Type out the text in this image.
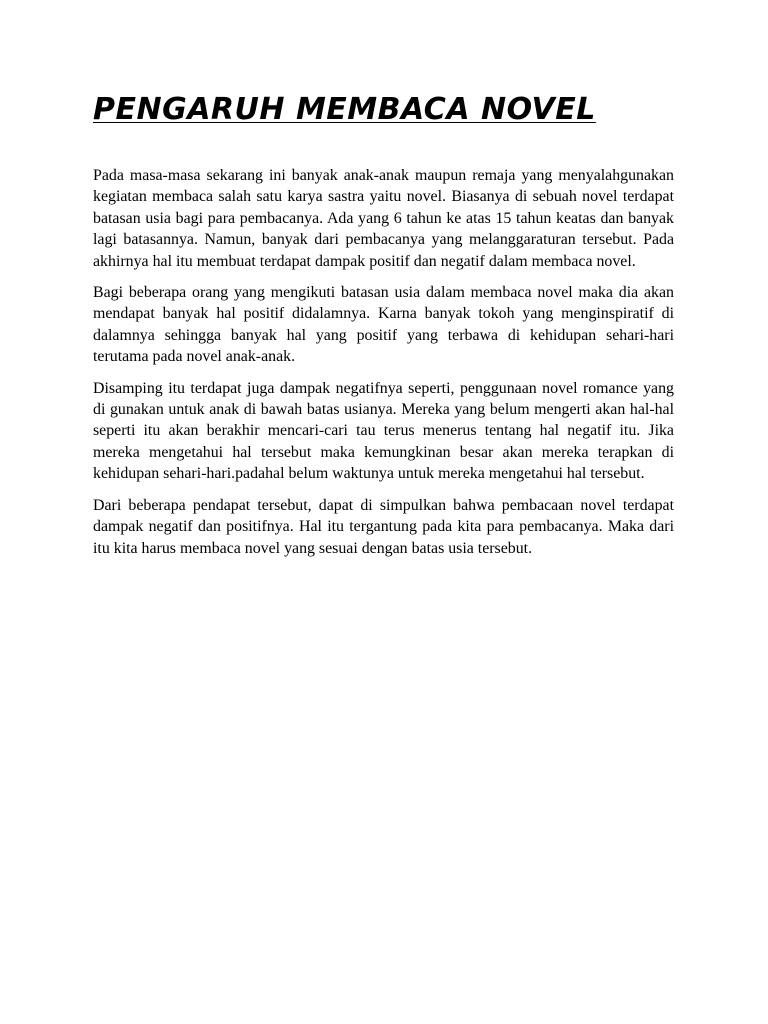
PENGARUH MEMBACA NOVEL

Pada masa-masa sekarang ini banyak anak-anak maupun remaja yang menyalahgunakan kegiatan membaca salah satu karya sastra yaitu novel. Biasanya di sebuah novel terdapat batasan usia bagi para pembacanya. Ada yang 6 tahun ke atas 15 tahun keatas dan banyak lagi batasannya. Namun, banyak dari pembacanya yang melanggaraturan tersebut. Pada akhirnya hal itu membuat terdapat dampak positif dan negatif dalam membaca novel.

Bagi beberapa orang yang mengikuti batasan usia dalam membaca novel maka dia akan mendapat banyak hal positif didalamnya. Karna banyak tokoh yang menginspiratif di dalamnya sehingga banyak hal yang positif yang terbawa di kehidupan sehari-hari terutama pada novel anak-anak.

Disamping itu terdapat juga dampak negatifnya seperti, penggunaan novel romance yang di gunakan untuk anak di bawah batas usianya. Mereka yang belum mengerti akan hal-hal seperti itu akan berakhir mencari-cari tau terus menerus tentang hal negatif itu. Jika mereka mengetahui hal tersebut maka kemungkinan besar akan mereka terapkan di kehidupan sehari-hari.padahal belum waktunya untuk mereka mengetahui hal tersebut.

Dari beberapa pendapat tersebut, dapat di simpulkan bahwa pembacaan novel terdapat dampak negatif dan positifnya. Hal itu tergantung pada kita para pembacanya. Maka dari itu kita harus membaca novel yang sesuai dengan batas usia tersebut.
